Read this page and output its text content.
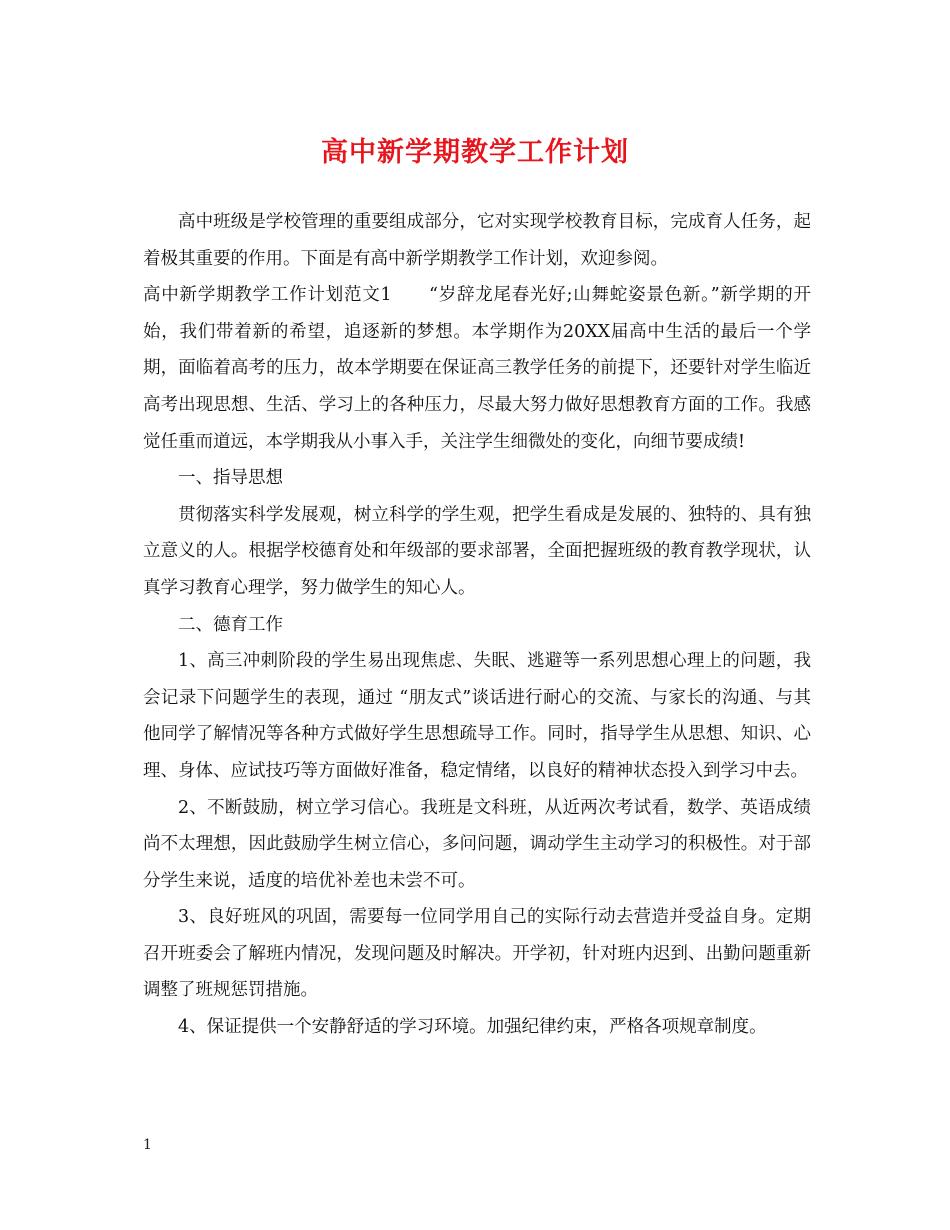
高中新学期教学工作计划

高中班级是学校管理的重要组成部分，它对实现学校教育目标，完成育人任务，起着极其重要的作用。下面是有高中新学期教学工作计划，欢迎参阅。

高中新学期教学工作计划范文1　　“岁辞龙尾春光好;山舞蛇姿景色新。”新学期的开始，我们带着新的希望，追逐新的梦想。本学期作为20XX届高中生活的最后一个学期，面临着高考的压力，故本学期要在保证高三教学任务的前提下，还要针对学生临近高考出现思想、生活、学习上的各种压力，尽最大努力做好思想教育方面的工作。我感觉任重而道远，本学期我从小事入手，关注学生细微处的变化，向细节要成绩!

一、指导思想

贯彻落实科学发展观，树立科学的学生观，把学生看成是发展的、独特的、具有独立意义的人。根据学校德育处和年级部的要求部署，全面把握班级的教育教学现状，认真学习教育心理学，努力做学生的知心人。

二、德育工作

1、高三冲刺阶段的学生易出现焦虑、失眠、逃避等一系列思想心理上的问题，我会记录下问题学生的表现，通过 “朋友式”谈话进行耐心的交流、与家长的沟通、与其他同学了解情况等各种方式做好学生思想疏导工作。同时，指导学生从思想、知识、心理、身体、应试技巧等方面做好准备，稳定情绪，以良好的精神状态投入到学习中去。

2、不断鼓励，树立学习信心。我班是文科班，从近两次考试看，数学、英语成绩尚不太理想，因此鼓励学生树立信心，多问问题，调动学生主动学习的积极性。对于部分学生来说，适度的培优补差也未尝不可。

3、良好班风的巩固，需要每一位同学用自己的实际行动去营造并受益自身。定期召开班委会了解班内情况，发现问题及时解决。开学初，针对班内迟到、出勤问题重新调整了班规惩罚措施。

4、保证提供一个安静舒适的学习环境。加强纪律约束，严格各项规章制度。

1
